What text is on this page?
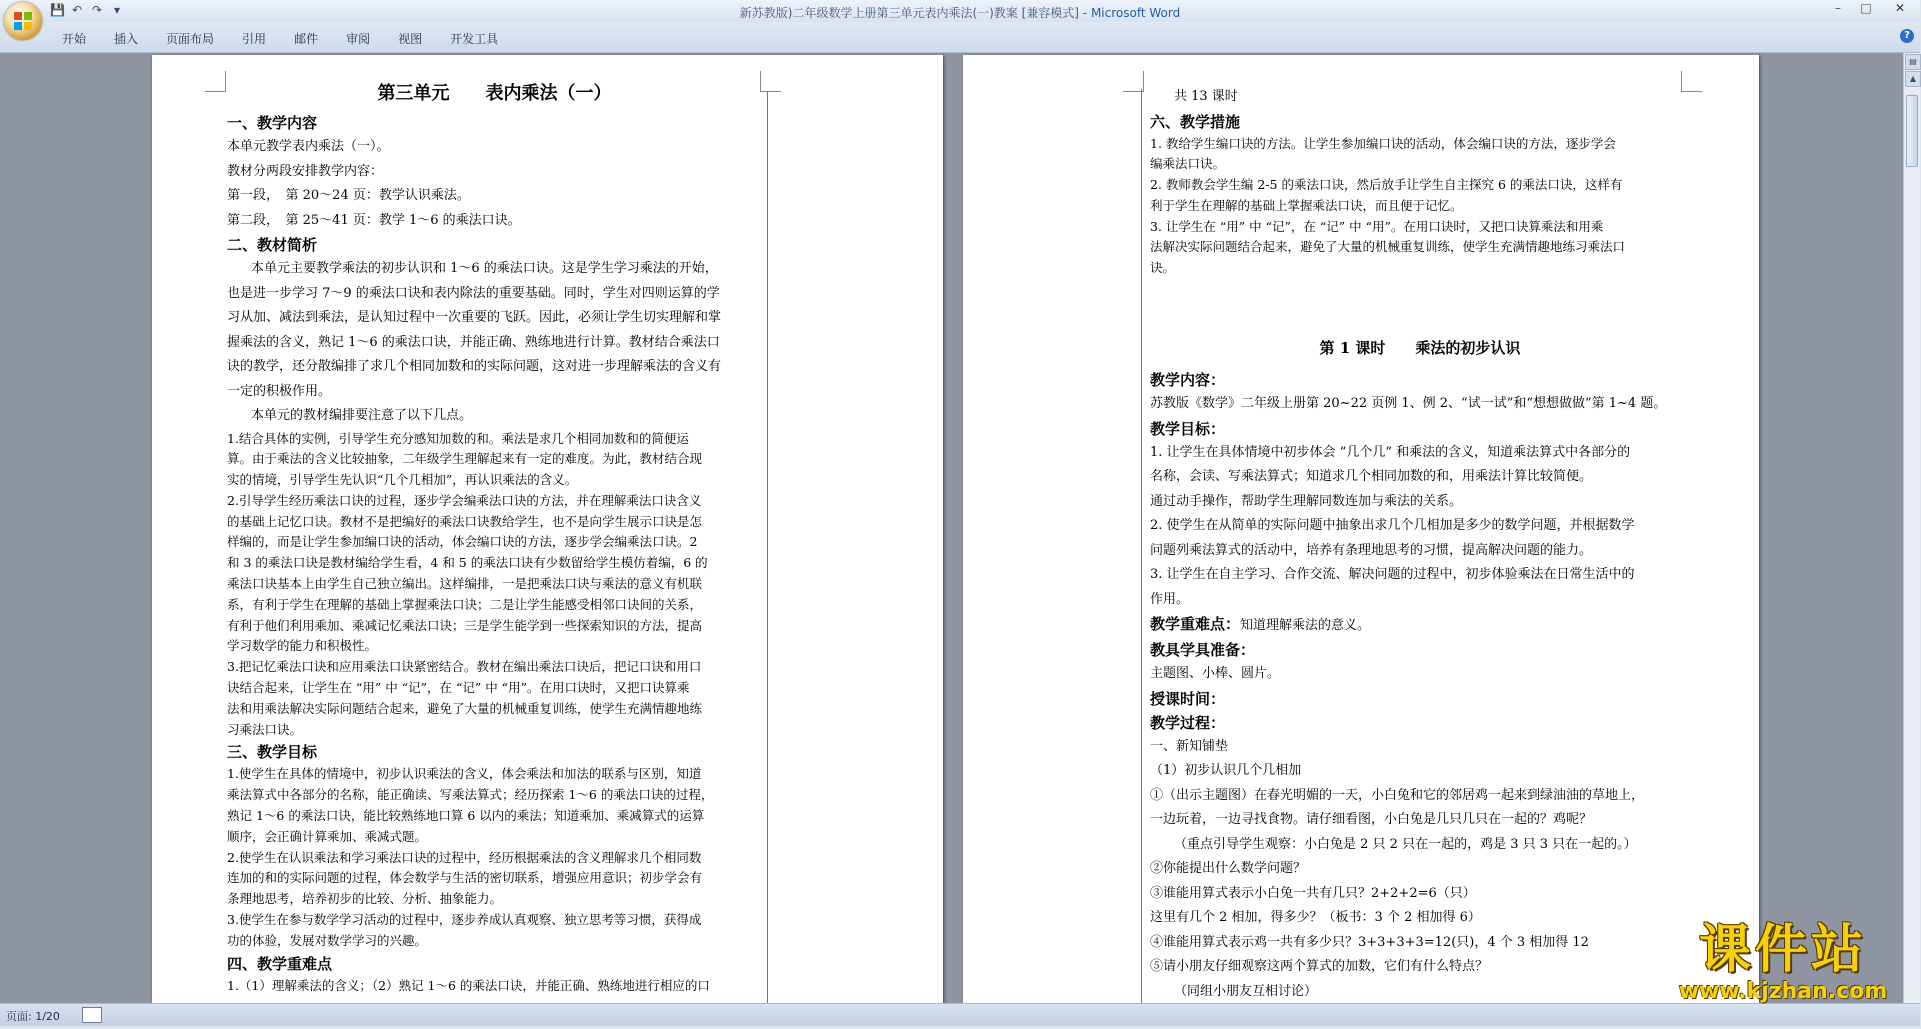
💾 ↶ ↷ ▾	新苏教版)二年级数学上册第三单元表内乘法(一)教案 [兼容模式] - Microsoft Word	–	□	✕
开始	插入	页面布局	引用	邮件	审阅	视图	开发工具	?
第三单元　　表内乘法（一）
一、教学内容
本单元教学表内乘法（一）。
教材分两段安排教学内容：
第一段，　第 20～24 页：教学认识乘法。
第二段，　第 25～41 页：教学 1～6 的乘法口诀。
二、教材简析
本单元主要教学乘法的初步认识和 1～6 的乘法口诀。这是学生学习乘法的开始，
也是进一步学习 7～9 的乘法口诀和表内除法的重要基础。同时，学生对四则运算的学
习从加、减法到乘法，是认知过程中一次重要的飞跃。因此，必须让学生切实理解和掌
握乘法的含义，熟记 1～6 的乘法口诀，并能正确、熟练地进行计算。教材结合乘法口
诀的教学，还分散编排了求几个相同加数和的实际问题，这对进一步理解乘法的含义有
一定的积极作用。
本单元的教材编排要注意了以下几点。
1.结合具体的实例，引导学生充分感知加数的和。乘法是求几个相同加数和的简便运
算。由于乘法的含义比较抽象，二年级学生理解起来有一定的难度。为此，教材结合现
实的情境，引导学生先认识“几个几相加”，再认识乘法的含义。
2.引导学生经历乘法口诀的过程，逐步学会编乘法口诀的方法，并在理解乘法口诀含义
的基础上记忆口诀。教材不是把编好的乘法口诀教给学生，也不是向学生展示口诀是怎
样编的，而是让学生参加编口诀的活动，体会编口诀的方法，逐步学会编乘法口诀。2
和 3 的乘法口诀是教材编给学生看，4 和 5 的乘法口诀有少数留给学生模仿着编，6 的
乘法口诀基本上由学生自己独立编出。这样编排，一是把乘法口诀与乘法的意义有机联
系，有利于学生在理解的基础上掌握乘法口诀；二是让学生能感受相邻口诀间的关系，
有利于他们利用乘加、乘减记忆乘法口诀；三是学生能学到一些探索知识的方法，提高
学习数学的能力和积极性。
3.把记忆乘法口诀和应用乘法口诀紧密结合。教材在编出乘法口诀后，把记口诀和用口
诀结合起来，让学生在 “用” 中 “记”，在 “记” 中 “用”。在用口诀时，又把口诀算乘
法和用乘法解决实际问题结合起来，避免了大量的机械重复训练，使学生充满情趣地练
习乘法口诀。
三、教学目标
1.使学生在具体的情境中，初步认识乘法的含义，体会乘法和加法的联系与区别，知道
乘法算式中各部分的名称，能正确读、写乘法算式；经历探索 1～6 的乘法口诀的过程，
熟记 1～6 的乘法口诀，能比较熟练地口算 6 以内的乘法；知道乘加、乘减算式的运算
顺序，会正确计算乘加、乘减式题。
2.使学生在认识乘法和学习乘法口诀的过程中，经历根据乘法的含义理解求几个相同数
连加的和的实际问题的过程，体会数学与生活的密切联系，增强应用意识；初步学会有
条理地思考，培养初步的比较、分析、抽象能力。
3.使学生在参与数学学习活动的过程中，逐步养成认真观察、独立思考等习惯，获得成
功的体验，发展对数学学习的兴趣。
四、教学重难点
1.（1）理解乘法的含义；（2）熟记 1～6 的乘法口诀，并能正确、熟练地进行相应的口
共 13 课时
六、教学措施
1. 教给学生编口诀的方法。让学生参加编口诀的活动，体会编口诀的方法，逐步学会
编乘法口诀。
2. 教师教会学生编 2-5 的乘法口诀，然后放手让学生自主探究 6 的乘法口诀，这样有
利于学生在理解的基础上掌握乘法口诀，而且便于记忆。
3. 让学生在 “用” 中 “记”，在 “记” 中 “用”。在用口诀时，又把口诀算乘法和用乘
法解决实际问题结合起来，避免了大量的机械重复训练，使学生充满情趣地练习乘法口
诀。

第 1 课时　　乘法的初步认识
教学内容：
苏教版《数学》二年级上册第 20~22 页例 1、例 2、“试一试”和“想想做做”第 1~4 题。
教学目标：
1. 让学生在具体情境中初步体会 “几个几” 和乘法的含义，知道乘法算式中各部分的
名称，会读、写乘法算式；知道求几个相同加数的和，用乘法计算比较简便。
通过动手操作，帮助学生理解同数连加与乘法的关系。
2. 使学生在从简单的实际问题中抽象出求几个几相加是多少的数学问题，并根据数学
问题列乘法算式的活动中，培养有条理地思考的习惯，提高解决问题的能力。
3. 让学生在自主学习、合作交流、解决问题的过程中，初步体验乘法在日常生活中的
作用。
教学重难点：知道理解乘法的意义。
教具学具准备：
主题图、小棒、圆片。
授课时间：
教学过程：
一、新知铺垫
（1）初步认识几个几相加
①（出示主题图）在春光明媚的一天，小白兔和它的邻居鸡一起来到绿油油的草地上，
一边玩着，一边寻找食物。请仔细看图，小白兔是几只几只在一起的？鸡呢？
（重点引导学生观察：小白兔是 2 只 2 只在一起的，鸡是 3 只 3 只在一起的。）
②你能提出什么数学问题？
③谁能用算式表示小白兔一共有几只？2+2+2=6（只）
这里有几个 2 相加，得多少？（板书：3 个 2 相加得 6）
④谁能用算式表示鸡一共有多少只？3+3+3+3=12(只)，4 个 3 相加得 12
⑤请小朋友仔细观察这两个算式的加数，它们有什么特点？
（同组小朋友互相讨论）
▤
▲
页面: 1/20
课件站
www.kjzhan.com
